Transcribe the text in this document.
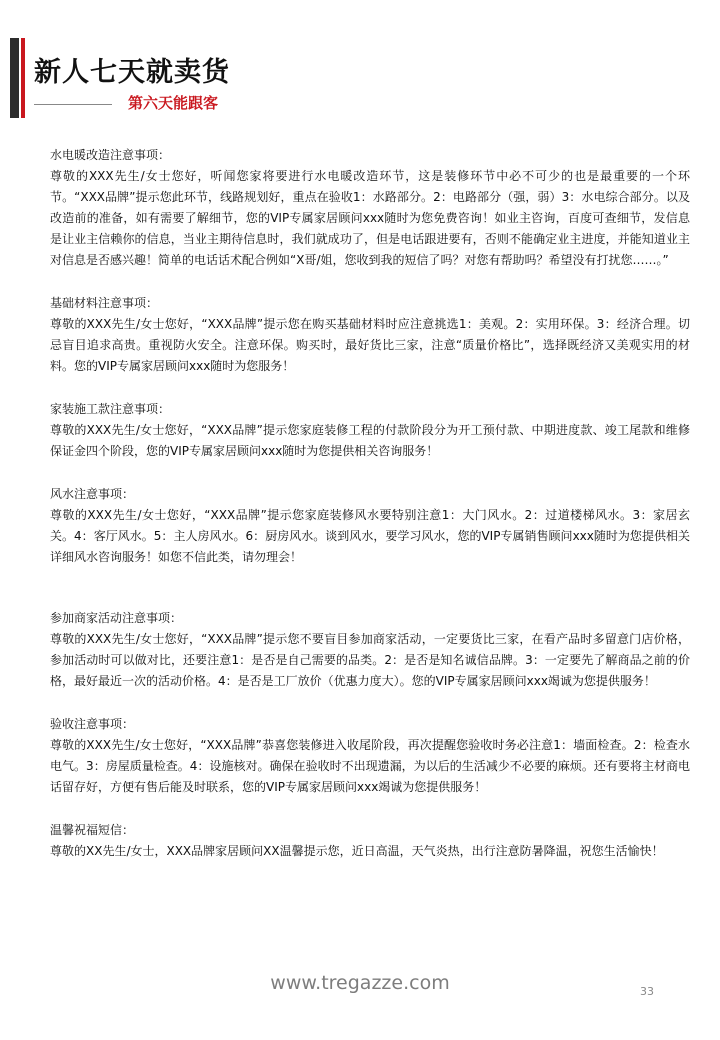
新人七天就卖货
第六天能跟客

水电暖改造注意事项：

尊敬的XXX先生/女士您好，听闻您家将要进行水电暖改造环节，这是装修环节中必不可少的也是最重要的一个环节。“XXX品牌”提示您此环节，线路规划好，重点在验收1：水路部分。2：电路部分（强，弱）3：水电综合部分。以及改造前的准备，如有需要了解细节，您的VIP专属家居顾问xxx随时为您免费咨询！如业主咨询，百度可查细节，发信息是让业主信赖你的信息，当业主期待信息时，我们就成功了，但是电话跟进要有，否则不能确定业主进度，并能知道业主对信息是否感兴趣！简单的电话话术配合例如“X哥/姐，您收到我的短信了吗？对您有帮助吗？希望没有打扰您……。”

基础材料注意事项：

尊敬的XXX先生/女士您好，“XXX品牌”提示您在购买基础材料时应注意挑选1：美观。2：实用环保。3：经济合理。切忌盲目追求高贵。重视防火安全。注意环保。购买时，最好货比三家，注意“质量价格比”，选择既经济又美观实用的材料。您的VIP专属家居顾问xxx随时为您服务！

家装施工款注意事项：

尊敬的XXX先生/女士您好，“XXX品牌”提示您家庭装修工程的付款阶段分为开工预付款、中期进度款、竣工尾款和维修保证金四个阶段，您的VIP专属家居顾问xxx随时为您提供相关咨询服务！

风水注意事项：

尊敬的XXX先生/女士您好，“XXX品牌”提示您家庭装修风水要特别注意1：大门风水。2：过道楼梯风水。3：家居玄关。4：客厅风水。5：主人房风水。6：厨房风水。谈到风水，要学习风水，您的VIP专属销售顾问xxx随时为您提供相关详细风水咨询服务！如您不信此类，请勿理会！

参加商家活动注意事项：

尊敬的XXX先生/女士您好，“XXX品牌”提示您不要盲目参加商家活动，一定要货比三家，在看产品时多留意门店价格，参加活动时可以做对比，还要注意1：是否是自己需要的品类。2：是否是知名诚信品牌。3：一定要先了解商品之前的价格，最好最近一次的活动价格。4：是否是工厂放价（优惠力度大）。您的VIP专属家居顾问xxx竭诚为您提供服务！

验收注意事项：

尊敬的XXX先生/女士您好，“XXX品牌”恭喜您装修进入收尾阶段，再次提醒您验收时务必注意1：墙面检查。2：检查水电气。3：房屋质量检查。4：设施核对。确保在验收时不出现遗漏，为以后的生活减少不必要的麻烦。还有要将主材商电话留存好，方便有售后能及时联系，您的VIP专属家居顾问xxx竭诚为您提供服务！

温馨祝福短信：

尊敬的XX先生/女士，XXX品牌家居顾问XX温馨提示您，近日高温，天气炎热，出行注意防暑降温，祝您生活愉快！

www.tregazze.com	33
